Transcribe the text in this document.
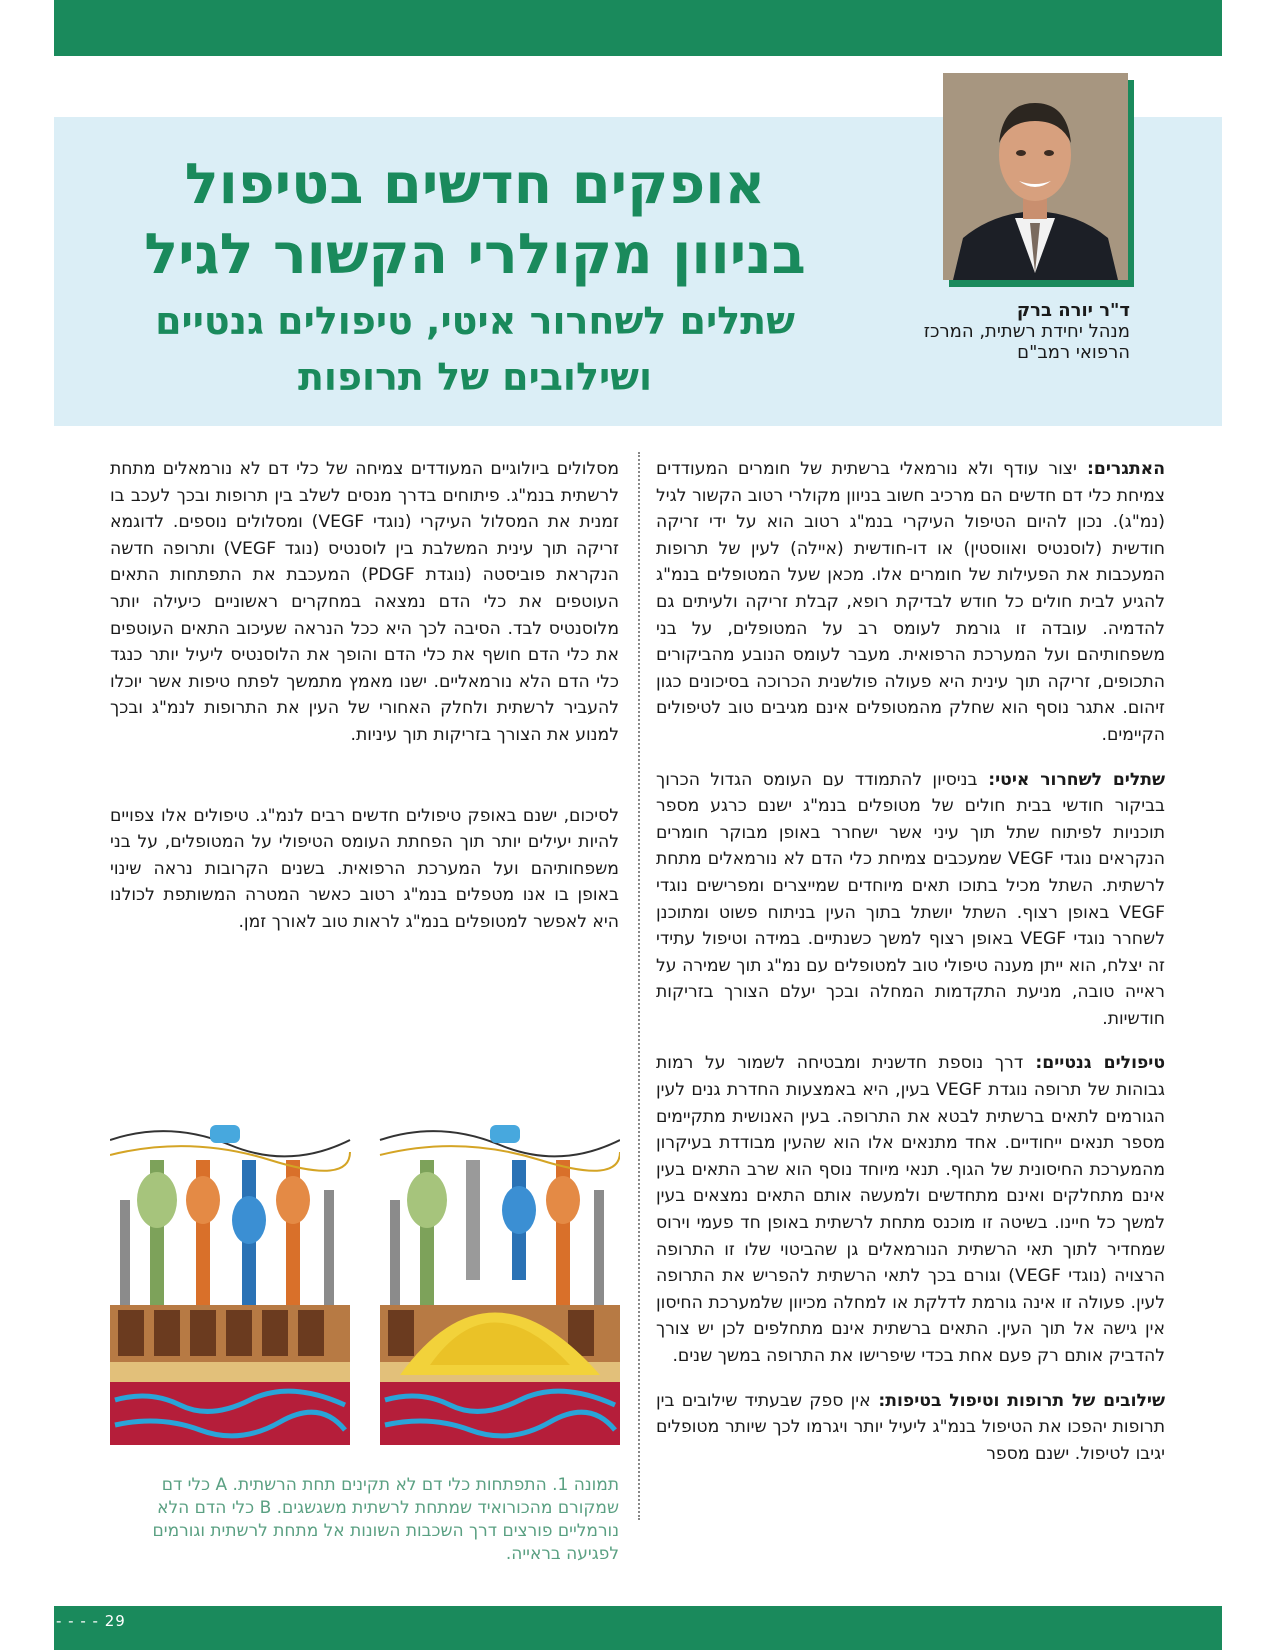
אופקים חדשים בטיפול
בניוון מקולרי הקשור לגיל
שתלים לשחרור איטי, טיפולים גנטיים
ושילובים של תרופות
ד"ר יורה ברק
מנהל יחידת רשתית, המרכז
הרפואי רמב"ם

האתגרים: יצור עודף ולא נורמאלי ברשתית של חומרים המעודדים צמיחת כלי דם חדשים הם מרכיב חשוב בניוון מקולרי רטוב הקשור לגיל (נמ"ג). נכון להיום הטיפול העיקרי בנמ"ג רטוב הוא על ידי זריקה חודשית (לוסנטיס ואווסטין) או דו-חודשית (איילה) לעין של תרופות המעכבות את הפעילות של חומרים אלו. מכאן שעל המטופלים בנמ"ג להגיע לבית חולים כל חודש לבדיקת רופא, קבלת זריקה ולעיתים גם להדמיה. עובדה זו גורמת לעומס רב על המטופלים, על בני משפחותיהם ועל המערכת הרפואית. מעבר לעומס הנובע מהביקורים התכופים, זריקה תוך עינית היא פעולה פולשנית הכרוכה בסיכונים כגון זיהום. אתגר נוסף הוא שחלק מהמטופלים אינם מגיבים טוב לטיפולים הקיימים.

שתלים לשחרור איטי: בניסיון להתמודד עם העומס הגדול הכרוך בביקור חודשי בבית חולים של מטופלים בנמ"ג ישנם כרגע מספר תוכניות לפיתוח שתל תוך עיני אשר ישחרר באופן מבוקר חומרים הנקראים נוגדי VEGF שמעכבים צמיחת כלי הדם לא נורמאלים מתחת לרשתית. השתל מכיל בתוכו תאים מיוחדים שמייצרים ומפרישים נוגדי VEGF באופן רצוף. השתל יושתל בתוך העין בניתוח פשוט ומתוכנן לשחרר נוגדי VEGF באופן רצוף למשך כשנתיים. במידה וטיפול עתידי זה יצלח, הוא ייתן מענה טיפולי טוב למטופלים עם נמ"ג תוך שמירה על ראייה טובה, מניעת התקדמות המחלה ובכך יעלם הצורך בזריקות חודשיות.

טיפולים גנטיים: דרך נוספת חדשנית ומבטיחה לשמור על רמות גבוהות של תרופה נוגדת VEGF בעין, היא באמצעות החדרת גנים לעין הגורמים לתאים ברשתית לבטא את התרופה. בעין האנושית מתקיימים מספר תנאים ייחודיים. אחד מתנאים אלו הוא שהעין מבודדת בעיקרון מהמערכת החיסונית של הגוף. תנאי מיוחד נוסף הוא שרב התאים בעין אינם מתחלקים ואינם מתחדשים ולמעשה אותם התאים נמצאים בעין למשך כל חיינו. בשיטה זו מוכנס מתחת לרשתית באופן חד פעמי וירוס שמחדיר לתוך תאי הרשתית הנורמאלים גן שהביטוי שלו זו התרופה הרצויה (נוגדי VEGF) וגורם בכך לתאי הרשתית להפריש את התרופה לעין. פעולה זו אינה גורמת לדלקת או למחלה מכיוון שלמערכת החיסון אין גישה אל תוך העין. התאים ברשתית אינם מתחלפים לכן יש צורך להדביק אותם רק פעם אחת בכדי שיפרישו את התרופה במשך שנים.

שילובים של תרופות וטיפול בטיפות: אין ספק שבעתיד שילובים בין תרופות יהפכו את הטיפול בנמ"ג ליעיל יותר ויגרמו לכך שיותר מטופלים יגיבו לטיפול. ישנם מספר

מסלולים ביולוגיים המעודדים צמיחה של כלי דם לא נורמאלים מתחת לרשתית בנמ"ג. פיתוחים בדרך מנסים לשלב בין תרופות ובכך לעכב בו זמנית את המסלול העיקרי (נוגדי VEGF) ומסלולים נוספים. לדוגמא זריקה תוך עינית המשלבת בין לוסנטיס (נוגד VEGF) ותרופה חדשה הנקראת פוביסטה (נוגדת PDGF) המעכבת את התפתחות התאים העוטפים את כלי הדם נמצאה במחקרים ראשוניים כיעילה יותר מלוסנטיס לבד. הסיבה לכך היא ככל הנראה שעיכוב התאים העוטפים את כלי הדם חושף את כלי הדם והופך את הלוסנטיס ליעיל יותר כנגד כלי הדם הלא נורמאליים. ישנו מאמץ מתמשך לפתח טיפות אשר יוכלו להעביר לרשתית ולחלק האחורי של העין את התרופות לנמ"ג ובכך למנוע את הצורך בזריקות תוך עיניות.

לסיכום, ישנם באופק טיפולים חדשים רבים לנמ"ג. טיפולים אלו צפויים להיות יעילים יותר תוך הפחתת העומס הטיפולי על המטופלים, על בני משפחותיהם ועל המערכת הרפואית. בשנים הקרובות נראה שינוי באופן בו אנו מטפלים בנמ"ג רטוב כאשר המטרה המשותפת לכולנו היא לאפשר למטופלים בנמ"ג לראות טוב לאורך זמן.

תמונה 1. התפתחות כלי דם לא תקינים תחת הרשתית. A כלי דם שמקורם מהכורואיד שמתחת לרשתית משגשגים. B כלי הדם הלא נורמליים פורצים דרך השכבות השונות אל מתחת לרשתית וגורמים לפגיעה בראייה.
- - - - 29
